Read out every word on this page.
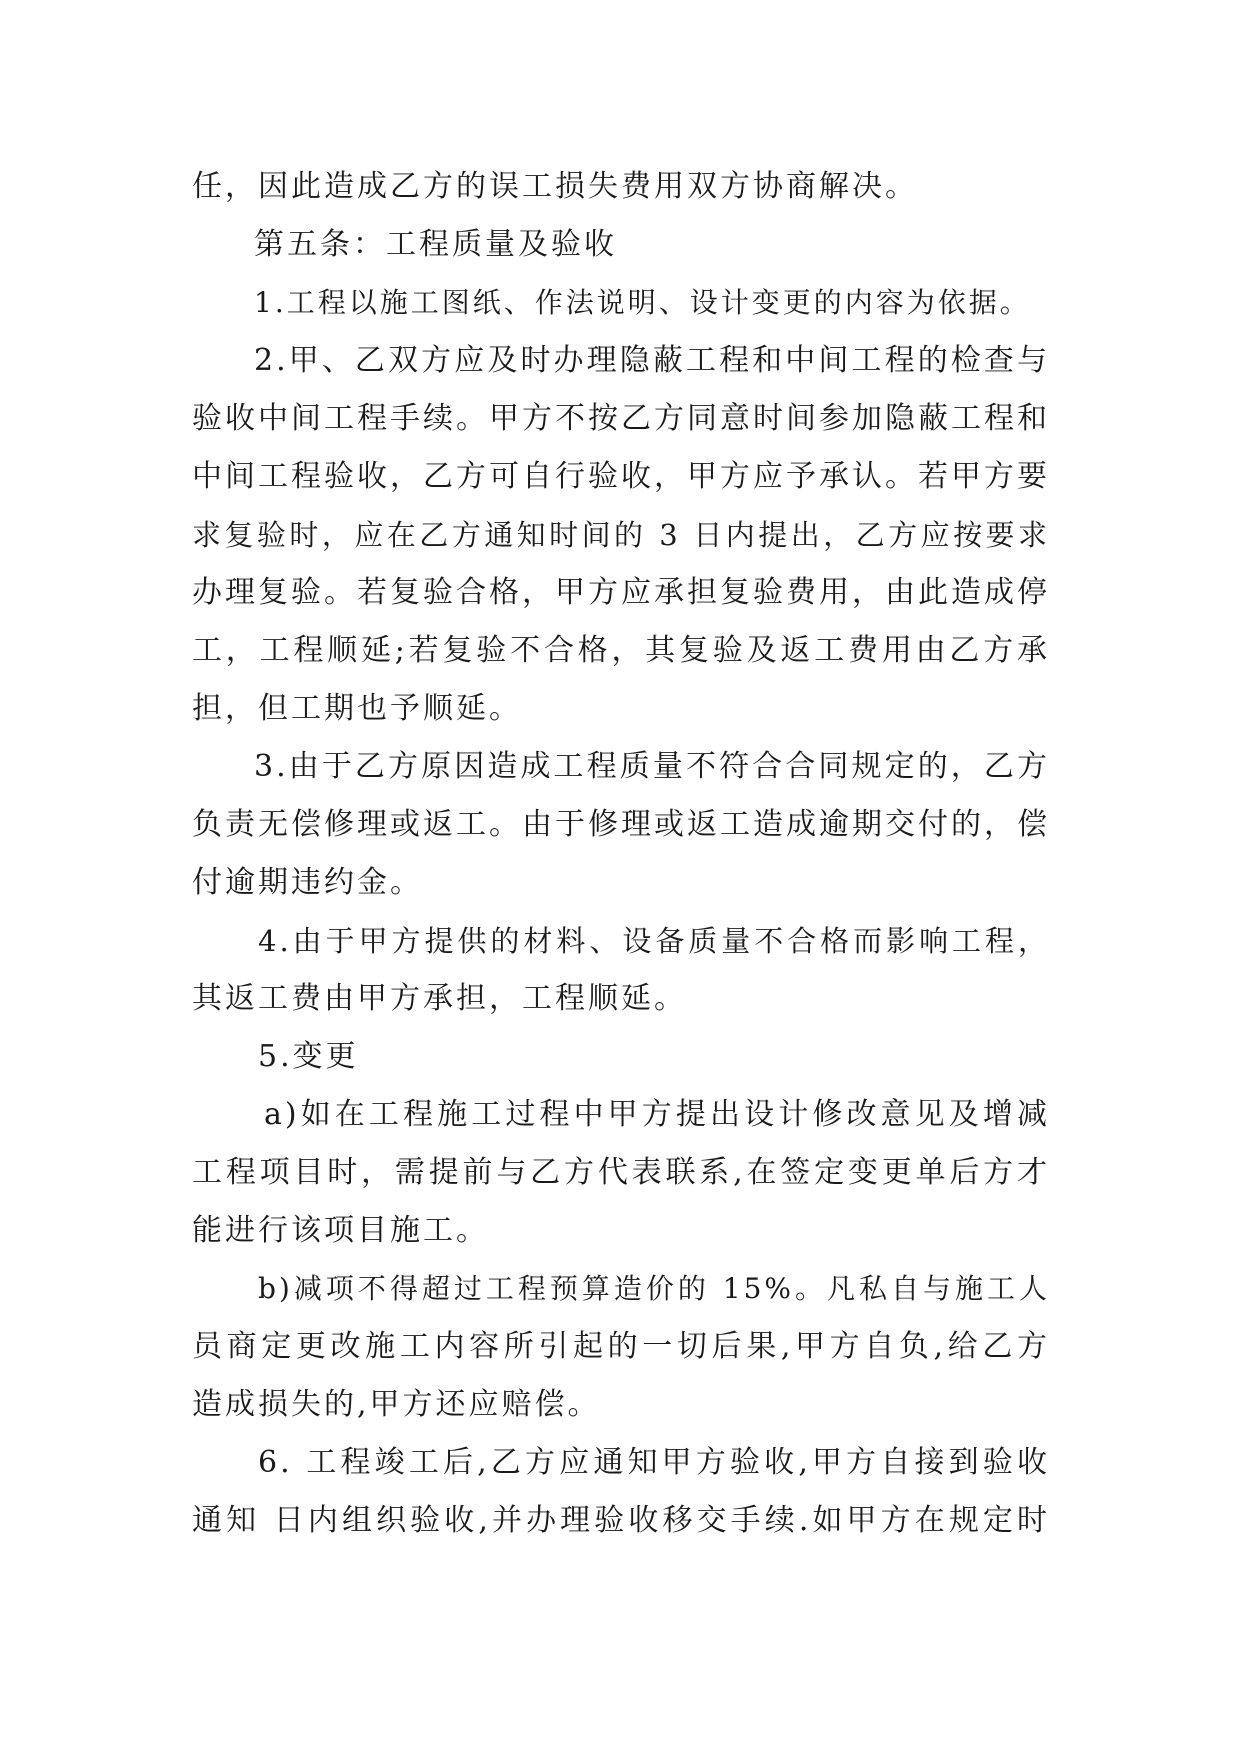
任，因此造成乙方的误工损失费用双方协商解决。
第五条：工程质量及验收
1.工程以施工图纸、作法说明、设计变更的内容为依据。
2.甲、乙双方应及时办理隐蔽工程和中间工程的检查与
验收中间工程手续。甲方不按乙方同意时间参加隐蔽工程和
中间工程验收，乙方可自行验收，甲方应予承认。若甲方要
求复验时，应在乙方通知时间的 3 日内提出，乙方应按要求
办理复验。若复验合格，甲方应承担复验费用，由此造成停
工，工程顺延;若复验不合格，其复验及返工费用由乙方承
担，但工期也予顺延。
3.由于乙方原因造成工程质量不符合合同规定的，乙方
负责无偿修理或返工。由于修理或返工造成逾期交付的，偿
付逾期违约金。
4.由于甲方提供的材料、设备质量不合格而影响工程，
其返工费由甲方承担，工程顺延。
5.变更
a)如在工程施工过程中甲方提出设计修改意见及增减
工程项目时，需提前与乙方代表联系,在签定变更单后方才
能进行该项目施工。
b)减项不得超过工程预算造价的 15%。凡私自与施工人
员商定更改施工内容所引起的一切后果,甲方自负,给乙方
造成损失的,甲方还应赔偿。
6. 工程竣工后,乙方应通知甲方验收,甲方自接到验收
通知 日内组织验收,并办理验收移交手续.如甲方在规定时
